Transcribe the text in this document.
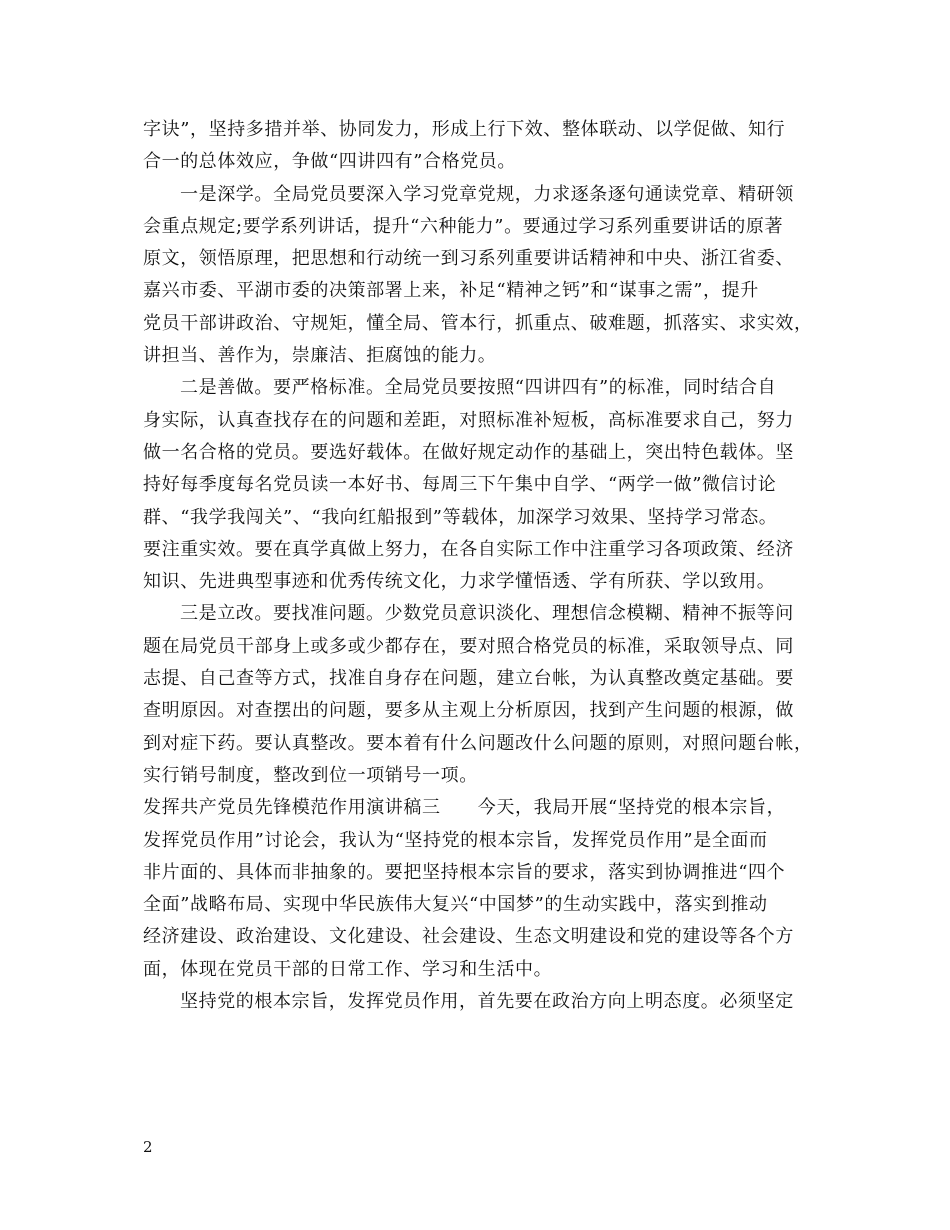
字诀”，坚持多措并举、协同发力，形成上行下效、整体联动、以学促做、知行
合一的总体效应，争做“四讲四有”合格党员。
一是深学。全局党员要深入学习党章党规，力求逐条逐句通读党章、精研领
会重点规定;要学系列讲话，提升“六种能力”。要通过学习系列重要讲话的原著
原文，领悟原理，把思想和行动统一到习系列重要讲话精神和中央、浙江省委、
嘉兴市委、平湖市委的决策部署上来，补足“精神之钙”和“谋事之需”，提升
党员干部讲政治、守规矩，懂全局、管本行，抓重点、破难题，抓落实、求实效，
讲担当、善作为，崇廉洁、拒腐蚀的能力。
二是善做。要严格标准。全局党员要按照“四讲四有”的标准，同时结合自
身实际，认真查找存在的问题和差距，对照标准补短板，高标准要求自己，努力
做一名合格的党员。要选好载体。在做好规定动作的基础上，突出特色载体。坚
持好每季度每名党员读一本好书、每周三下午集中自学、“两学一做”微信讨论
群、“我学我闯关”、“我向红船报到”等载体，加深学习效果、坚持学习常态。
要注重实效。要在真学真做上努力，在各自实际工作中注重学习各项政策、经济
知识、先进典型事迹和优秀传统文化，力求学懂悟透、学有所获、学以致用。
三是立改。要找准问题。少数党员意识淡化、理想信念模糊、精神不振等问
题在局党员干部身上或多或少都存在，要对照合格党员的标准，采取领导点、同
志提、自己查等方式，找准自身存在问题，建立台帐，为认真整改奠定基础。要
查明原因。对查摆出的问题，要多从主观上分析原因，找到产生问题的根源，做
到对症下药。要认真整改。要本着有什么问题改什么问题的原则，对照问题台帐，
实行销号制度，整改到位一项销号一项。
发挥共产党员先锋模范作用演讲稿三　　今天，我局开展“坚持党的根本宗旨，
发挥党员作用”讨论会，我认为“坚持党的根本宗旨，发挥党员作用”是全面而
非片面的、具体而非抽象的。要把坚持根本宗旨的要求，落实到协调推进“四个
全面”战略布局、实现中华民族伟大复兴“中国梦”的生动实践中，落实到推动
经济建设、政治建设、文化建设、社会建设、生态文明建设和党的建设等各个方
面，体现在党员干部的日常工作、学习和生活中。
坚持党的根本宗旨，发挥党员作用，首先要在政治方向上明态度。必须坚定
2
